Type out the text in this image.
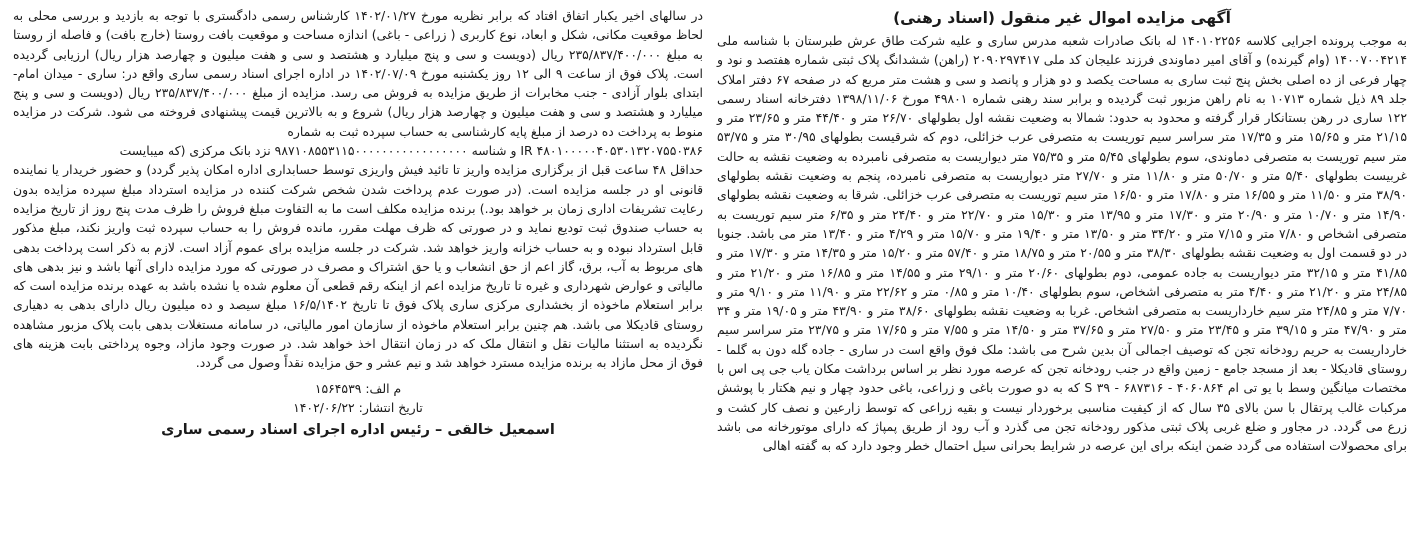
آگهی مزایده اموال غیر منقول (اسناد رهنی)

به موجب پرونده اجرایی کلاسه ۱۴۰۱۰۲۲۵۶ له بانک صادرات شعبه مدرس ساری و علیه شرکت طاق عرش طبرستان با شناسه ملی ۱۴۰۰۷۰۰۴۲۱۴ (وام گیرنده) و آقای امیر دماوندی فرزند علیجان کد ملی ۲۰۹۰۲۹۷۴۱۷ (راهن) ششدانگ پلاک ثبتی شماره هفتصد و نود و چهار فرعی از ده اصلی بخش پنج ثبت ساری به مساحت یکصد و دو هزار و پانصد و سی و هشت متر مربع که در صفحه ۶۷ دفتر املاک جلد ۸۹ ذیل شماره ۱۰۷۱۳ به نام راهن مزبور ثبت گردیده و برابر سند رهنی شماره ۴۹۸۰۱ مورخ ۱۳۹۸/۱۱/۰۶ دفترخانه اسناد رسمی ۱۲۲ ساری در رهن بستانکار قرار گرفته و محدود به حدود: شمالا به وضعیت نقشه اول بطولهای ۲۶/۷۰ متر و ۴۴/۴۰ متر و ۲۳/۶۵ متر و ۲۱/۱۵ متر و ۱۵/۶۵ متر و ۱۷/۳۵ متر سراسر سیم توریست به متصرفی عرب خزائلی، دوم که شرقیست بطولهای ۳۰/۹۵ متر و ۵۳/۷۵ متر سیم توریست به متصرفی دماوندی، سوم بطولهای ۵/۴۵ متر و ۷۵/۳۵ متر دیواریست به متصرفی نامبرده به وضعیت نقشه به حالت غربیست بطولهای ۵/۴۰ متر و ۵۰/۷۰ متر و ۱۱/۸۰ متر و ۲۷/۷۰ متر دیواریست به متصرفی نامبرده، پنجم به وضعیت نقشه بطولهای ۳۸/۹۰ متر و ۱۱/۵۰ متر و ۱۶/۵۵ متر و ۱۷/۸۰ متر و ۱۶/۵۰ متر سیم توریست به متصرفی عرب خزائلی. شرقا به وضعیت نقشه بطولهای ۱۴/۹۰ متر و ۱۰/۷۰ متر و ۲۰/۹۰ متر و ۱۷/۳۰ متر و ۱۳/۹۵ متر و ۱۵/۳۰ متر و ۲۲/۷۰ متر و ۲۴/۴۰ متر و ۶/۳۵ متر سیم توریست به متصرفی اشخاص و ۷/۸۰ متر و ۷/۱۵ متر و ۳۴/۲۰ متر و ۱۳/۵۰ متر و ۱۹/۴۰ متر و ۱۵/۷۰ متر و ۴/۲۹ متر و ۱۳/۴۰ متر می باشد. جنوبا در دو قسمت اول به وضعیت نقشه بطولهای ۳۸/۳۰ متر و ۲۰/۵۵ متر و ۱۸/۷۵ متر و ۵۷/۴۰ متر و ۱۵/۲۰ متر و ۱۴/۳۵ متر و ۱۷/۳۰ متر و ۴۱/۸۵ متر و ۳۲/۱۵ متر دیواریست به جاده عمومی، دوم بطولهای ۲۰/۶۰ متر و ۲۹/۱۰ متر و ۱۴/۵۵ متر و ۱۶/۸۵ متر و ۲۱/۲۰ متر و ۲۴/۸۵ متر و ۲۱/۲۰ متر و ۴/۴۰ متر به متصرفی اشخاص، سوم بطولهای ۱۰/۴۰ متر و ۰/۸۵ متر و ۲۲/۶۲ متر و ۱۱/۹۰ متر و ۹/۱۰ متر و ۷/۷۰ متر و ۲۴/۸۵ متر سیم خارداریست به متصرفی اشخاص. غربا به وضعیت نقشه بطولهای ۳۸/۶۰ متر و ۴۳/۹۰ متر و ۱۹/۰۵ متر و ۳۴ متر و ۴۷/۹۰ متر و ۳۹/۱۵ متر و ۲۳/۴۵ متر و ۲۷/۵۰ متر و ۳۷/۶۵ متر و ۱۴/۵۰ متر و ۷/۵۵ متر و ۱۷/۶۵ متر و ۲۳/۷۵ متر سراسر سیم خارداریست به حریم رودخانه تجن که توصیف اجمالی آن بدین شرح می باشد: ملک فوق واقع است در ساری - جاده گله دون به گلما - روستای قادیکلا - بعد از مسجد جامع - زمین واقع در جنب رودخانه تجن که عرصه مورد نظر بر اساس برداشت مکان یاب جی پی اس با مختصات میانگین وسط با یو تی ام S ۳۹ - ۶۸۷۳۱۶ - ۴۰۶۰۸۶۴ که به دو صورت باغی و زراعی، باغی حدود چهار و نیم هکتار با پوشش مرکبات غالب پرتقال با سن بالای ۳۵ سال که از کیفیت مناسبی برخوردار نیست و بقیه زراعی که توسط زارعین و نصف کار کشت و زرع می گردد. در مجاور و ضلع غربی پلاک ثبتی مذکور رودخانه تجن می گذرد و آب رود از طریق پمپاژ که دارای موتورخانه می باشد برای محصولات استفاده می گردد ضمن اینکه برای این عرصه در شرایط بحرانی سیل احتمال خطر وجود دارد که به گفته اهالی

در سالهای اخیر یکبار اتفاق افتاد که برابر نظریه مورخ ۱۴۰۲/۰۱/۲۷ کارشناس رسمی دادگستری با توجه به بازدید و بررسی محلی به لحاظ موقعیت مکانی، شکل و ابعاد، نوع کاربری ( زراعی - باغی) اندازه مساحت و موقعیت بافت روستا (خارج بافت) و فاصله از روستا به مبلغ ۲۳۵/۸۳۷/۴۰۰/۰۰۰ ریال (دویست و سی و پنج میلیارد و هشتصد و سی و هفت میلیون و چهارصد هزار ریال) ارزیابی گردیده است. پلاک فوق از ساعت ۹ الی ۱۲ روز یکشنبه مورخ ۱۴۰۲/۰۷/۰۹ در اداره اجرای اسناد رسمی ساری واقع در: ساری - میدان امام- ابتدای بلوار آزادی - جنب مخابرات از طریق مزایده به فروش می رسد. مزایده از مبلغ ۲۳۵/۸۳۷/۴۰۰/۰۰۰ ریال (دویست و سی و پنج میلیارد و هشتصد و سی و هفت میلیون و چهارصد هزار ریال) شروع و به بالاترین قیمت پیشنهادی فروخته می شود. شرکت در مزایده منوط به پرداخت ده درصد از مبلغ پایه کارشناسی به حساب سپرده ثبت به شماره

IR ۴۸۰۱۰۰۰۰۰۴۰۵۳۰۱۳۲۰۷۵۵۰۳۸۶ و شناسه ۹۸۷۱۰۸۵۵۳۱۱۵۰۰۰۰۰۰۰۰۰۰۰۰۰۰۰۰۰ نزد بانک مرکزی (که میبایست

حداقل ۴۸ ساعت قبل از برگزاری مزایده واریز تا تائید فیش واریزی توسط حسابداری اداره امکان پذیر گردد) و حضور خریدار یا نماینده قانونی او در جلسه مزایده است. (در صورت عدم پرداخت شدن شخص شرکت کننده در مزایده استرداد مبلغ سپرده مزایده بدون رعایت تشریفات اداری زمان بر خواهد بود.) برنده مزایده مکلف است ما به التفاوت مبلغ فروش را ظرف مدت پنج روز از تاریخ مزایده به حساب صندوق ثبت تودیع نماید و در صورتی که ظرف مهلت مقرر، مانده فروش را به حساب سپرده ثبت واریز نکند، مبلغ مذکور قابل استرداد نبوده و به حساب خزانه واریز خواهد شد. شرکت در جلسه مزایده برای عموم آزاد است. لازم به ذکر است پرداخت بدهی های مربوط به آب، برق، گاز اعم از حق انشعاب و یا حق اشتراک و مصرف در صورتی که مورد مزایده دارای آنها باشد و نیز بدهی های مالیاتی و عوارض شهرداری و غیره تا تاریخ مزایده اعم از اینکه رقم قطعی آن معلوم شده یا نشده باشد به عهده برنده مزایده است که برابر استعلام ماخوذه از بخشداری مرکزی ساری پلاک فوق تا تاریخ ۱۶/۵/۱۴۰۲ مبلغ سیصد و ده میلیون ریال دارای بدهی به دهیاری روستای قادیکلا می باشد. هم چنین برابر استعلام ماخوذه از سازمان امور مالیاتی، در سامانه مستغلات بدهی بابت پلاک مزبور مشاهده نگردیده به استثنا مالیات نقل و انتقال ملک که در زمان انتقال اخذ خواهد شد. در صورت وجود مازاد، وجوه پرداختی بابت هزینه های فوق از محل مازاد به برنده مزایده مسترد خواهد شد و نیم عشر و حق مزایده نقداً وصول می گردد.

م الف: ۱۵۶۴۵۳۹
تاریخ انتشار: ۱۴۰۲/۰۶/۲۲
اسمعیل خالقی – رئیس اداره اجرای اسناد رسمی ساری
